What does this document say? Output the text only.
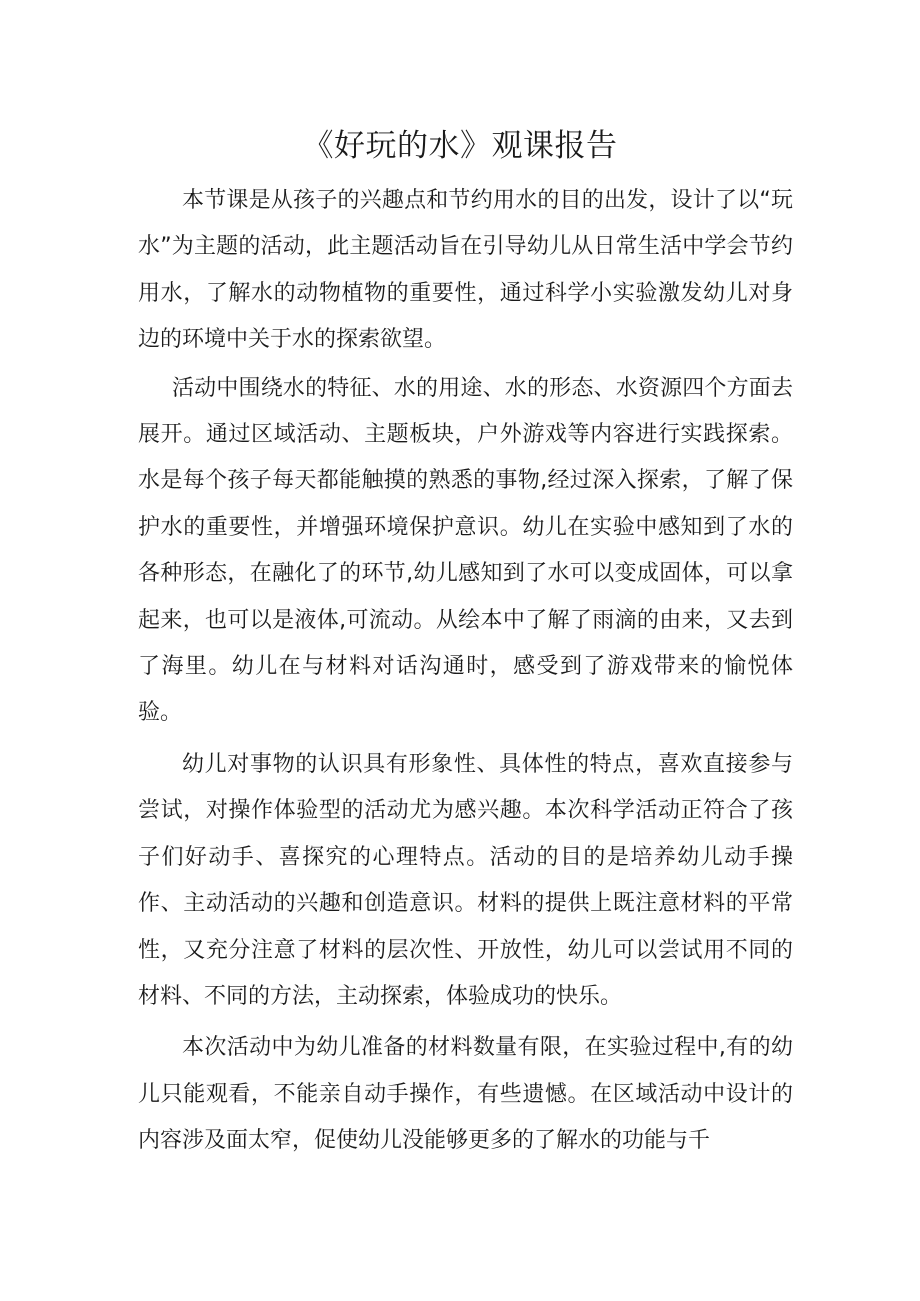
《好玩的水》观课报告

本节课是从孩子的兴趣点和节约用水的目的出发，设计了以“玩水”为主题的活动，此主题活动旨在引导幼儿从日常生活中学会节约用水，了解水的动物植物的重要性，通过科学小实验激发幼儿对身边的环境中关于水的探索欲望。

活动中围绕水的特征、水的用途、水的形态、水资源四个方面去展开。通过区域活动、主题板块，户外游戏等内容进行实践探索。水是每个孩子每天都能触摸的熟悉的事物,经过深入探索，了解了保护水的重要性，并增强环境保护意识。幼儿在实验中感知到了水的各种形态，在融化了的环节,幼儿感知到了水可以变成固体，可以拿起来，也可以是液体,可流动。从绘本中了解了雨滴的由来，又去到了海里。幼儿在与材料对话沟通时，感受到了游戏带来的愉悦体验。

幼儿对事物的认识具有形象性、具体性的特点，喜欢直接参与尝试，对操作体验型的活动尤为感兴趣。本次科学活动正符合了孩子们好动手、喜探究的心理特点。活动的目的是培养幼儿动手操作、主动活动的兴趣和创造意识。材料的提供上既注意材料的平常性，又充分注意了材料的层次性、开放性，幼儿可以尝试用不同的材料、不同的方法，主动探索，体验成功的快乐。

本次活动中为幼儿准备的材料数量有限，在实验过程中,有的幼儿只能观看，不能亲自动手操作，有些遗憾。在区域活动中设计的内容涉及面太窄，促使幼儿没能够更多的了解水的功能与千
